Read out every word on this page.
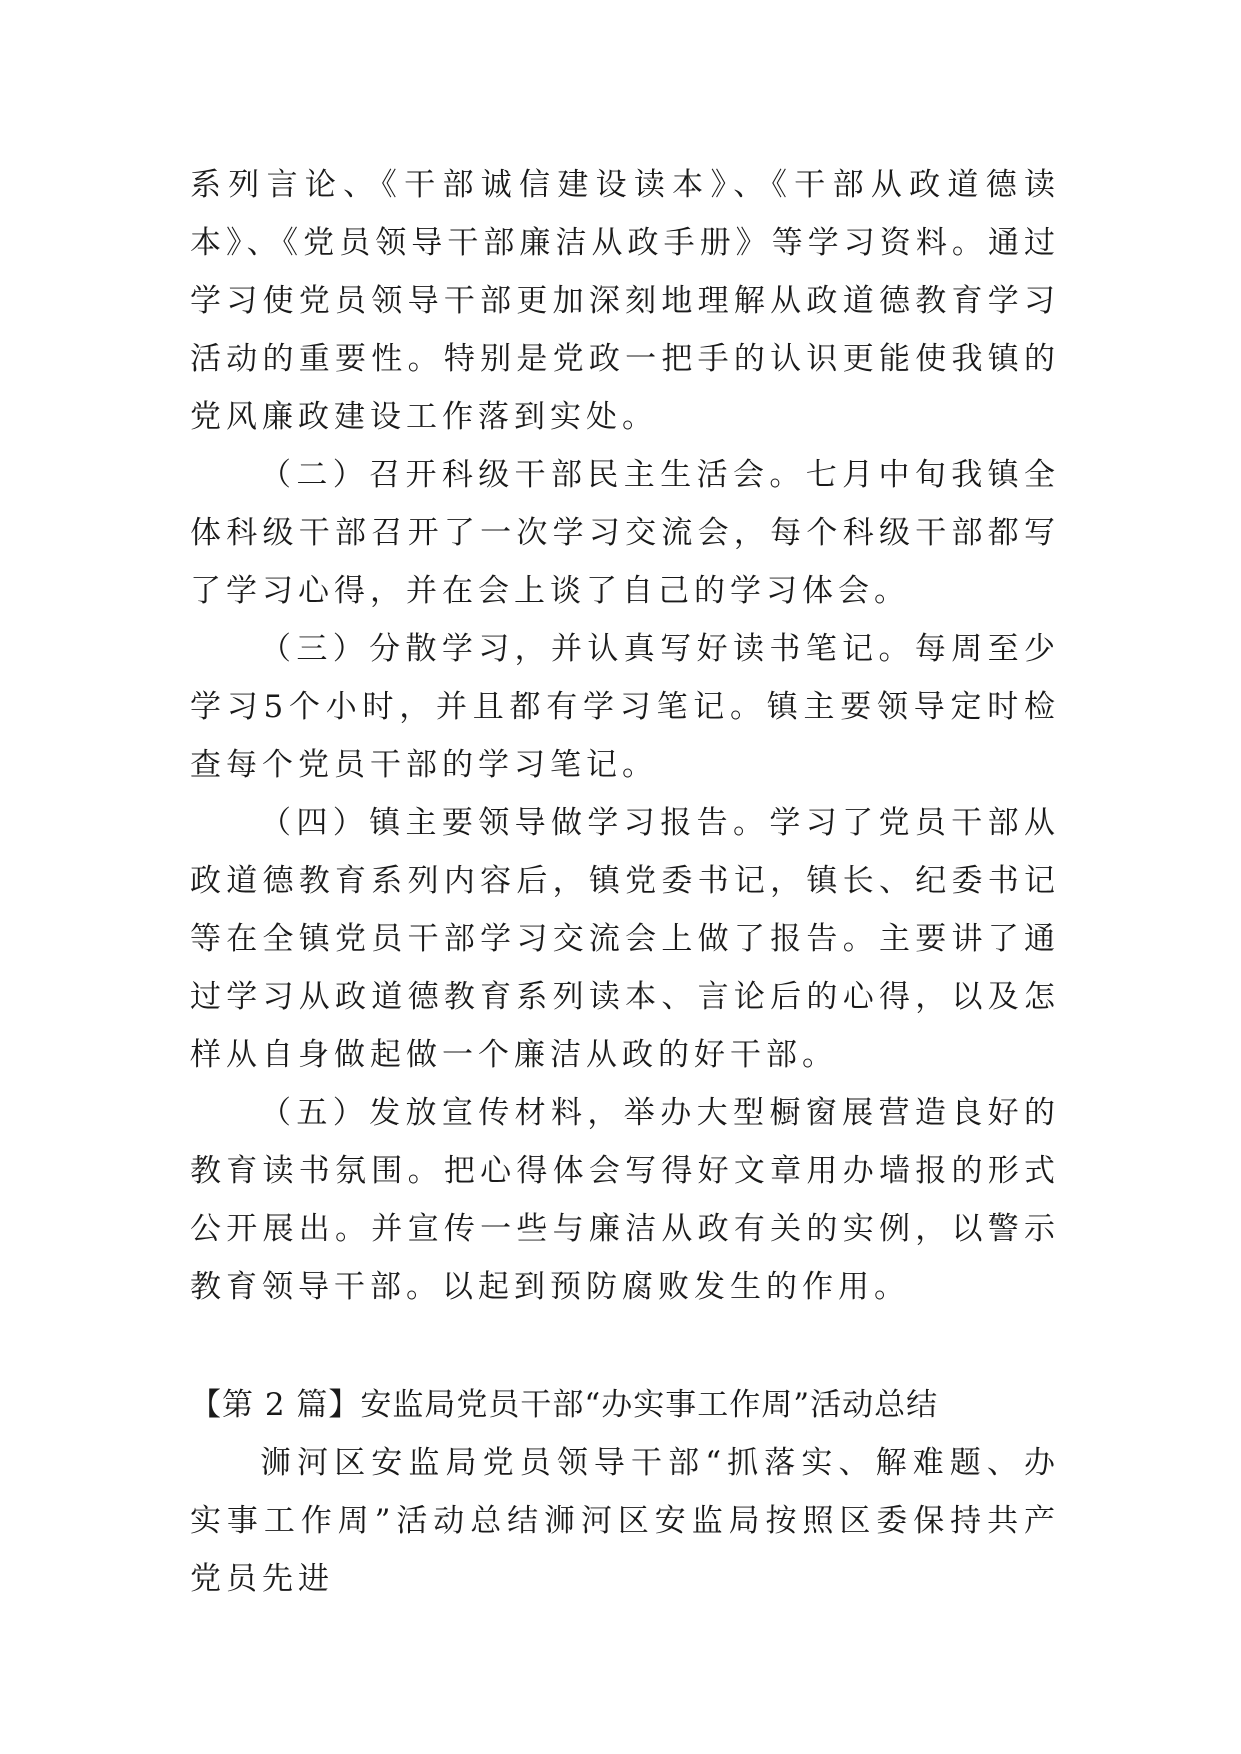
系列言论、《干部诚信建设读本》、《干部从政道德读本》、《党员领导干部廉洁从政手册》等学习资料。通过学习使党员领导干部更加深刻地理解从政道德教育学习活动的重要性。特别是党政一把手的认识更能使我镇的党风廉政建设工作落到实处。

（二）召开科级干部民主生活会。七月中旬我镇全体科级干部召开了一次学习交流会，每个科级干部都写了学习心得，并在会上谈了自己的学习体会。

（三）分散学习，并认真写好读书笔记。每周至少学习5个小时，并且都有学习笔记。镇主要领导定时检查每个党员干部的学习笔记。

（四）镇主要领导做学习报告。学习了党员干部从政道德教育系列内容后，镇党委书记，镇长、纪委书记等在全镇党员干部学习交流会上做了报告。主要讲了通过学习从政道德教育系列读本、言论后的心得，以及怎样从自身做起做一个廉洁从政的好干部。

（五）发放宣传材料，举办大型橱窗展营造良好的教育读书氛围。把心得体会写得好文章用办墙报的形式公开展出。并宣传一些与廉洁从政有关的实例，以警示教育领导干部。以起到预防腐败发生的作用。

【第 2 篇】安监局党员干部“办实事工作周”活动总结

浉河区安监局党员领导干部“抓落实、解难题、办实事工作周”活动总结浉河区安监局按照区委保持共产党员先进
